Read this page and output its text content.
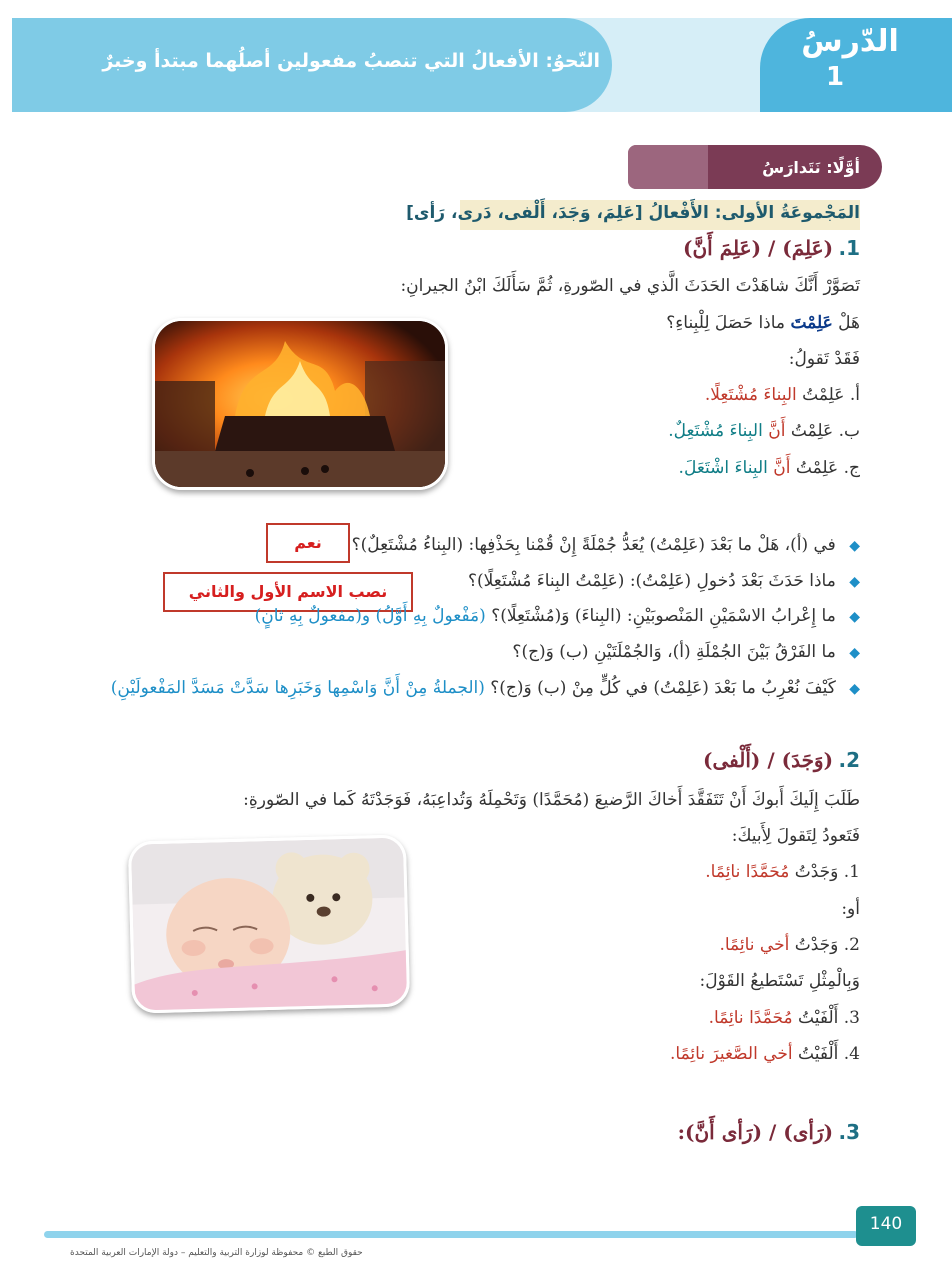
النّحوُ: الأفعالُ التي تنصبُ مفعولين أصلُهما مبتدأ وخبرٌ
الدّرسُ
1
أوَّلًا: نَتَدارَسُ
المَجْموعَةُ الأولى: الأَفْعالُ [عَلِمَ، وَجَدَ، أَلْفى، دَرى، رَأى]
1. (عَلِمَ) / (عَلِمَ أَنَّ)
تَصَوَّرْ أَنَّكَ شاهَدْتَ الحَدَثَ الَّذي في الصّورةِ، ثُمَّ سَأَلَكَ ابْنُ الجيرانِ:
هَلْ عَلِمْتَ ماذا حَصَلَ لِلْبِناءِ؟
فَقَدْ تَقولُ:
أ. عَلِمْتُ البِناءَ مُشْتَعِلًا.
ب. عَلِمْتُ أَنَّ البِناءَ مُشْتَعِلٌ.
ج. عَلِمْتُ أَنَّ البِناءَ اشْتَعَلَ.
نعم
نصب الاسم الأول والثاني
◆ في (أ)، هَلْ ما بَعْدَ (عَلِمْتُ) يُعَدُّ جُمْلَةً إِنْ قُمْنا بِحَذْفِها: (البِناءُ مُشْتَعِلٌ)؟
◆ ماذا حَدَثَ بَعْدَ دُخولِ (عَلِمْتُ): (عَلِمْتُ البِناءَ مُشْتَعِلًا)؟
◆ ما إِعْرابُ الاسْمَيْنِ المَنْصوبَيْنِ: (البِناءَ) وَ(مُشْتَعِلًا)؟ (مَفْعولٌ بِهِ أَوَّلُ) و(مفعولٌ بِهِ ثانٍ)
◆ ما الفَرْقُ بَيْنَ الجُمْلَةِ (أ)، وَالجُمْلَتَيْنِ (ب) وَ(ج)؟
◆ كَيْفَ نُعْرِبُ ما بَعْدَ (عَلِمْتُ) في كُلٍّ مِنْ (ب) وَ(ج)؟ (الجملةُ مِنْ أَنَّ وَاسْمِها وَخَبَرِها سَدَّتْ مَسَدَّ المَفْعولَيْنِ)
2. (وَجَدَ) / (أَلْفى)
طَلَبَ إِلَيكَ أَبوكَ أَنْ تَتَفَقَّدَ أَخاكَ الرَّضيعَ (مُحَمَّدًا) وَتَحْمِلَهُ وَتُداعِبَهُ، فَوَجَدْتَهُ كَما في الصّورةِ:
فَتَعودُ لِتَقولَ لِأَبيكَ:
1. وَجَدْتُ مُحَمَّدًا نائِمًا.
أو:
2. وَجَدْتُ أخي نائِمًا.
وَبِالْمِثْلِ تَسْتَطيعُ القَوْلَ:
3. أَلْفَيْتُ مُحَمَّدًا نائِمًا.
4. أَلْفَيْتُ أخي الصَّغيرَ نائِمًا.
3. (رَأى) / (رَأى أَنَّ):
140
حقوق الطبع © محفوظة لوزارة التربية والتعليم – دولة الإمارات العربية المتحدة
